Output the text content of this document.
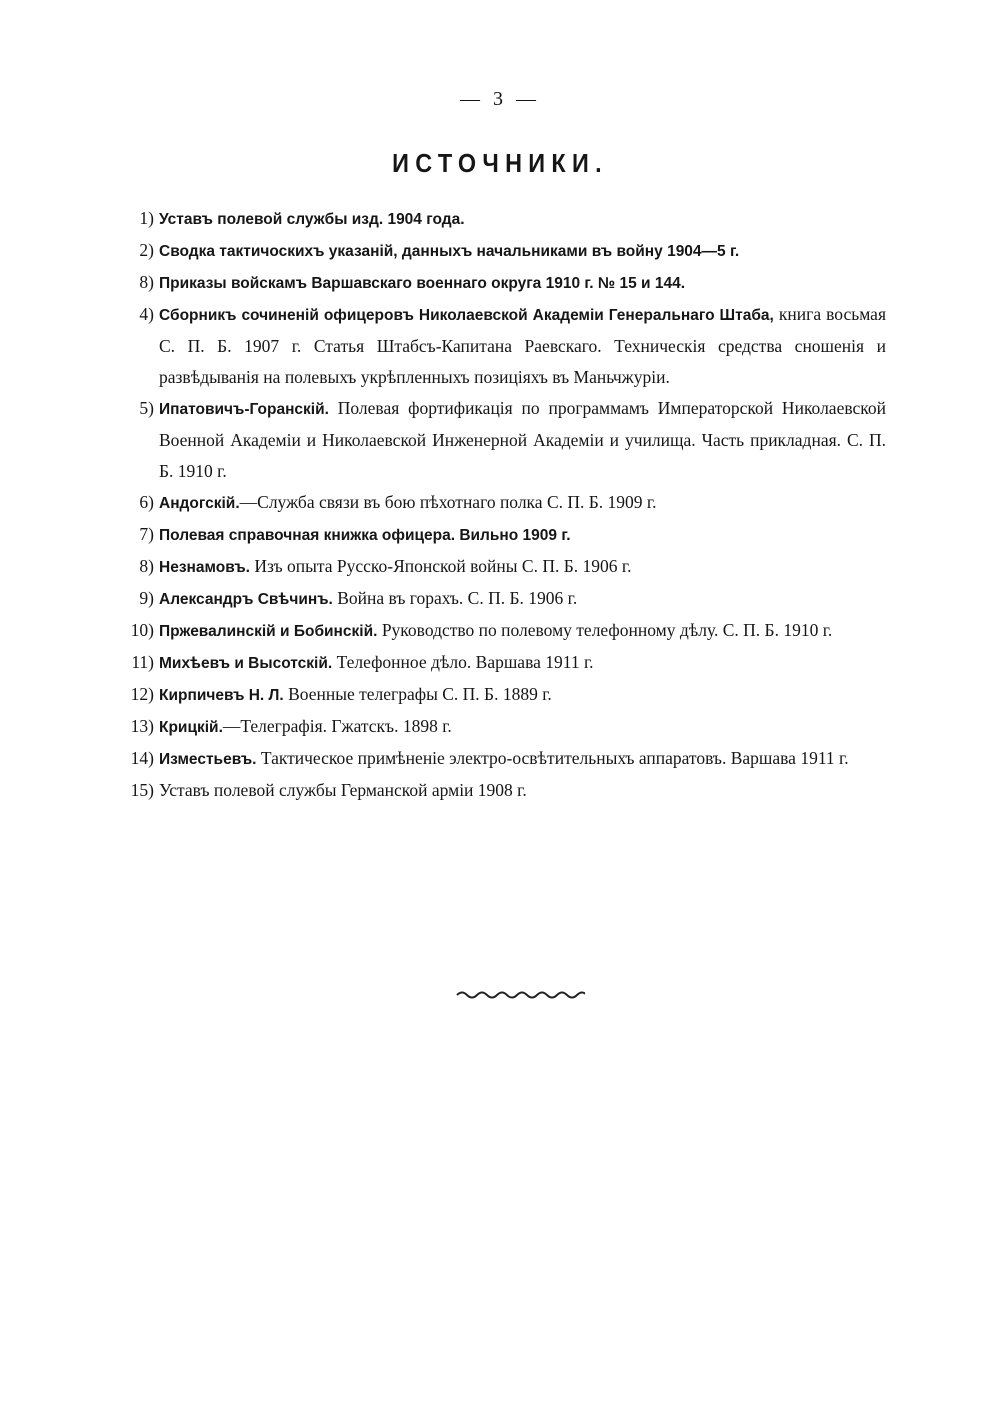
— 3 —
ИСТОЧНИКИ.
1) Уставъ полевой службы изд. 1904 года.
2) Сводка тактичоскихъ указаній, данныхъ начальниками въ войну 1904—5 г.
8) Приказы войскамъ Варшавскаго военнаго округа 1910 г. № 15 и 144.
4) Сборникъ сочиненій офицеровъ Николаевской Академіи Генеральнаго Штаба, книга восьмая С. П. Б. 1907 г. Статья Штабсъ-Капитана Раевскаго. Техническія средства сношенія и развѣдыванія на полевыхъ укрѣпленныхъ позиціяхъ въ Маньчжуріи.
5) Ипатовичъ-Горанскій. Полевая фортификація по программамъ Императорской Николаевской Военной Академіи и Николаевской Инженерной Академіи и училища. Часть прикладная. С. П. Б. 1910 г.
6) Андогскій.—Служба связи въ бою пѣхотнаго полка С. П. Б. 1909 г.
7) Полевая справочная книжка офицера. Вильно 1909 г.
8) Незнамовъ. Изъ опыта Русско-Японской войны С. П. Б. 1906 г.
9) Александръ Свѣчинъ. Война въ горахъ. С. П. Б. 1906 г.
10) Пржевалинскій и Бобинскій. Руководство по полевому телефонному дѣлу. С. П. Б. 1910 г.
11) Михѣевъ и Высотскій. Телефонное дѣло. Варшава 1911 г.
12) Кирпичевъ Н. Л. Военные телеграфы С. П. Б. 1889 г.
13) Крицкій.—Телеграфія. Гжатскъ. 1898 г.
14) Изместьевъ. Тактическое примѣненіе электро-освѣтительныхъ аппаратовъ. Варшава 1911 г.
15) Уставъ полевой службы Германской арміи 1908 г.
